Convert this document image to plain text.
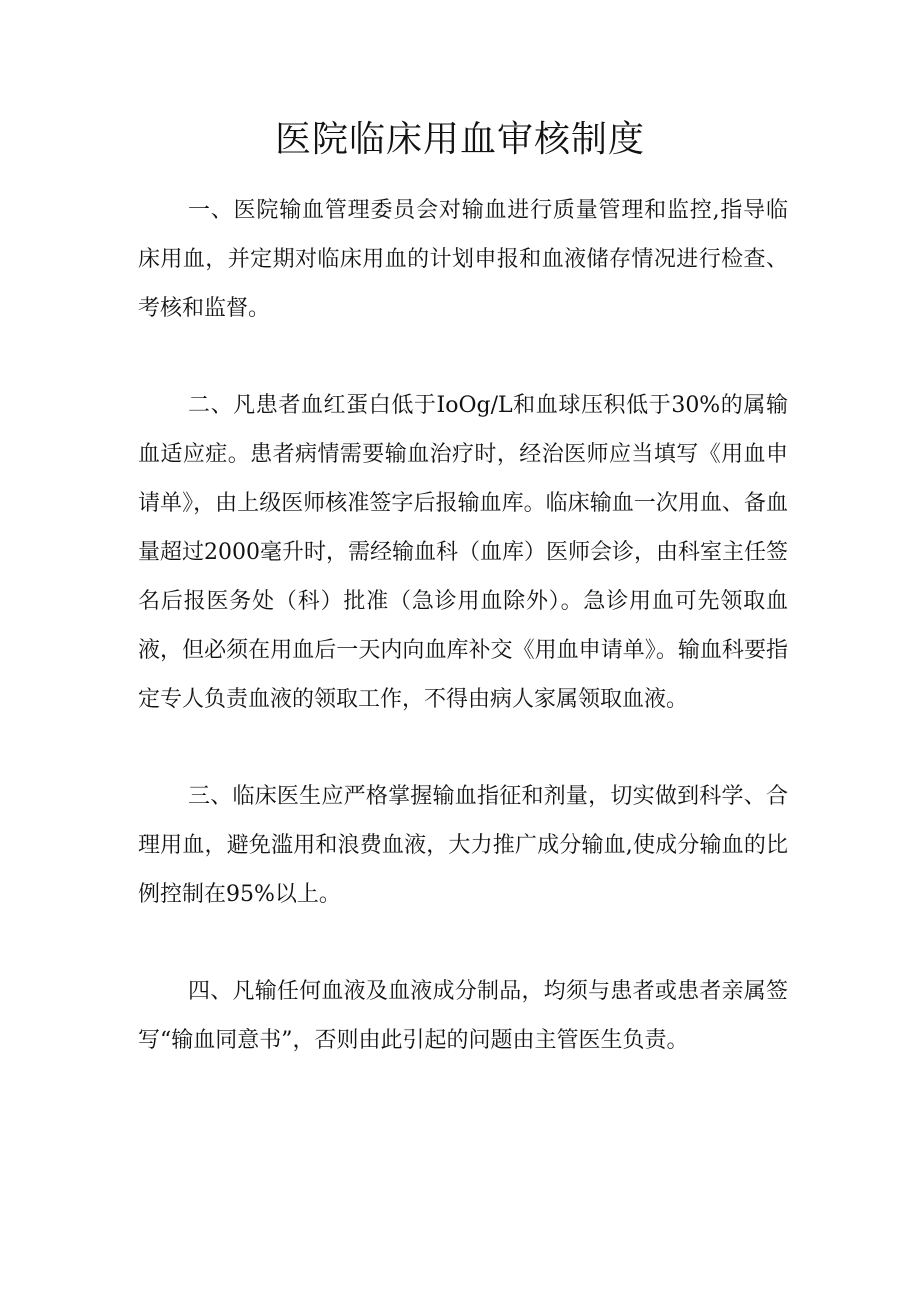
医院临床用血审核制度

一、医院输血管理委员会对输血进行质量管理和监控,指导临床用血，并定期对临床用血的计划申报和血液储存情况进行检查、考核和监督。

二、凡患者血红蛋白低于IoOg/L和血球压积低于30%的属输血适应症。患者病情需要输血治疗时，经治医师应当填写《用血申请单》，由上级医师核准签字后报输血库。临床输血一次用血、备血量超过2000毫升时，需经输血科（血库）医师会诊，由科室主任签名后报医务处（科）批准（急诊用血除外）。急诊用血可先领取血液，但必须在用血后一天内向血库补交《用血申请单》。输血科要指定专人负责血液的领取工作，不得由病人家属领取血液。

三、临床医生应严格掌握输血指征和剂量，切实做到科学、合理用血，避免滥用和浪费血液，大力推广成分输血,使成分输血的比例控制在95%以上。

四、凡输任何血液及血液成分制品，均须与患者或患者亲属签写“输血同意书”，否则由此引起的问题由主管医生负责。
